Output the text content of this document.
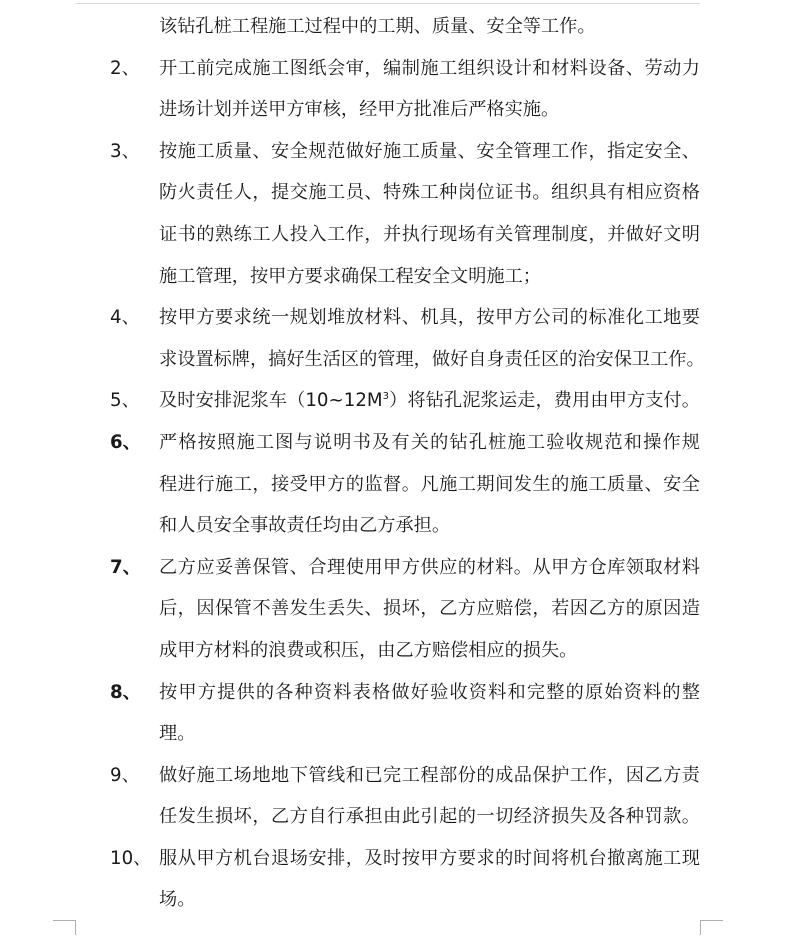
该钻孔桩工程施工过程中的工期、质量、安全等工作。
2、	开工前完成施工图纸会审，编制施工组织设计和材料设备、劳动力
进场计划并送甲方审核，经甲方批准后严格实施。
3、	按施工质量、安全规范做好施工质量、安全管理工作，指定安全、
防火责任人，提交施工员、特殊工种岗位证书。组织具有相应资格
证书的熟练工人投入工作，并执行现场有关管理制度，并做好文明
施工管理，按甲方要求确保工程安全文明施工；
4、	按甲方要求统一规划堆放材料、机具，按甲方公司的标准化工地要
求设置标牌，搞好生活区的管理，做好自身责任区的治安保卫工作。
5、	及时安排泥浆车$(10\sim 12M^3)$将钻孔泥浆运走，费用由甲方支付。
6、 严格按照施工图与说明书及有关的钻孔桩施工验收规范和操作规
程进行施工，接受甲方的监督。凡施工期间发生的施工质量、安全
和人员安全事故责任均由乙方承担。
7、 乙方应妥善保管、合理使用甲方供应的材料。从甲方仓库领取材料
后，因保管不善发生丢失、损坏，乙方应赔偿，若因乙方的原因造
成甲方材料的浪费或积压，由乙方赔偿相应的损失。
8、 按甲方提供的各种资料表格做好验收资料和完整的原始资料的整
理。
9、	做好施工场地地下管线和已完工程部份的成品保护工作，因乙方责
任发生损坏，乙方自行承担由此引起的一切经济损失及各种罚款。
10、 服从甲方机台退场安排，及时按甲方要求的时间将机台撤离施工现
场。
